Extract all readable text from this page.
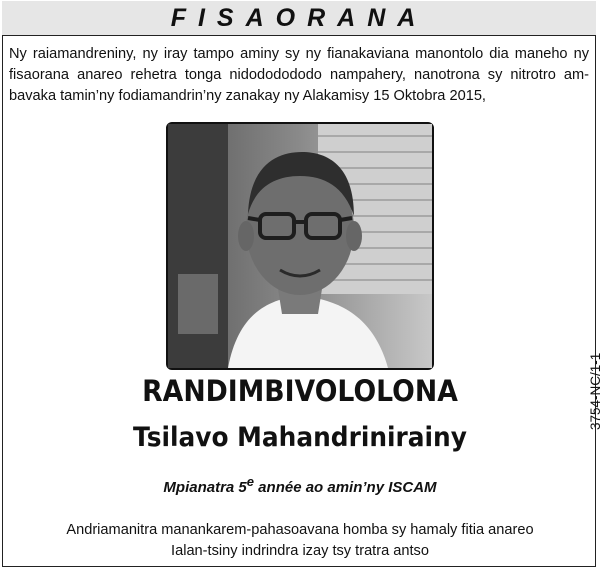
FISAORANA
Ny raiamandreniny, ny iray tampo aminy sy ny fianakaviana manontolo dia maneho ny fisaorana anareo rehetra tonga nidododododo nampahery, nanotrona sy nitrotro am-bavaka tamin’ny fodiamandrin’ny zanakay ny Alakamisy 15 Oktobra 2015,
RANDIMBIVOLOLONA
Tsilavo Mahandrinirainy
Mpianatra 5e année ao amin’ny ISCAM
Andriamanitra manankarem-pahasoavana homba sy hamaly fitia anareo
Ialan-tsiny indrindra izay tsy tratra antso
3754-NC/1-1
